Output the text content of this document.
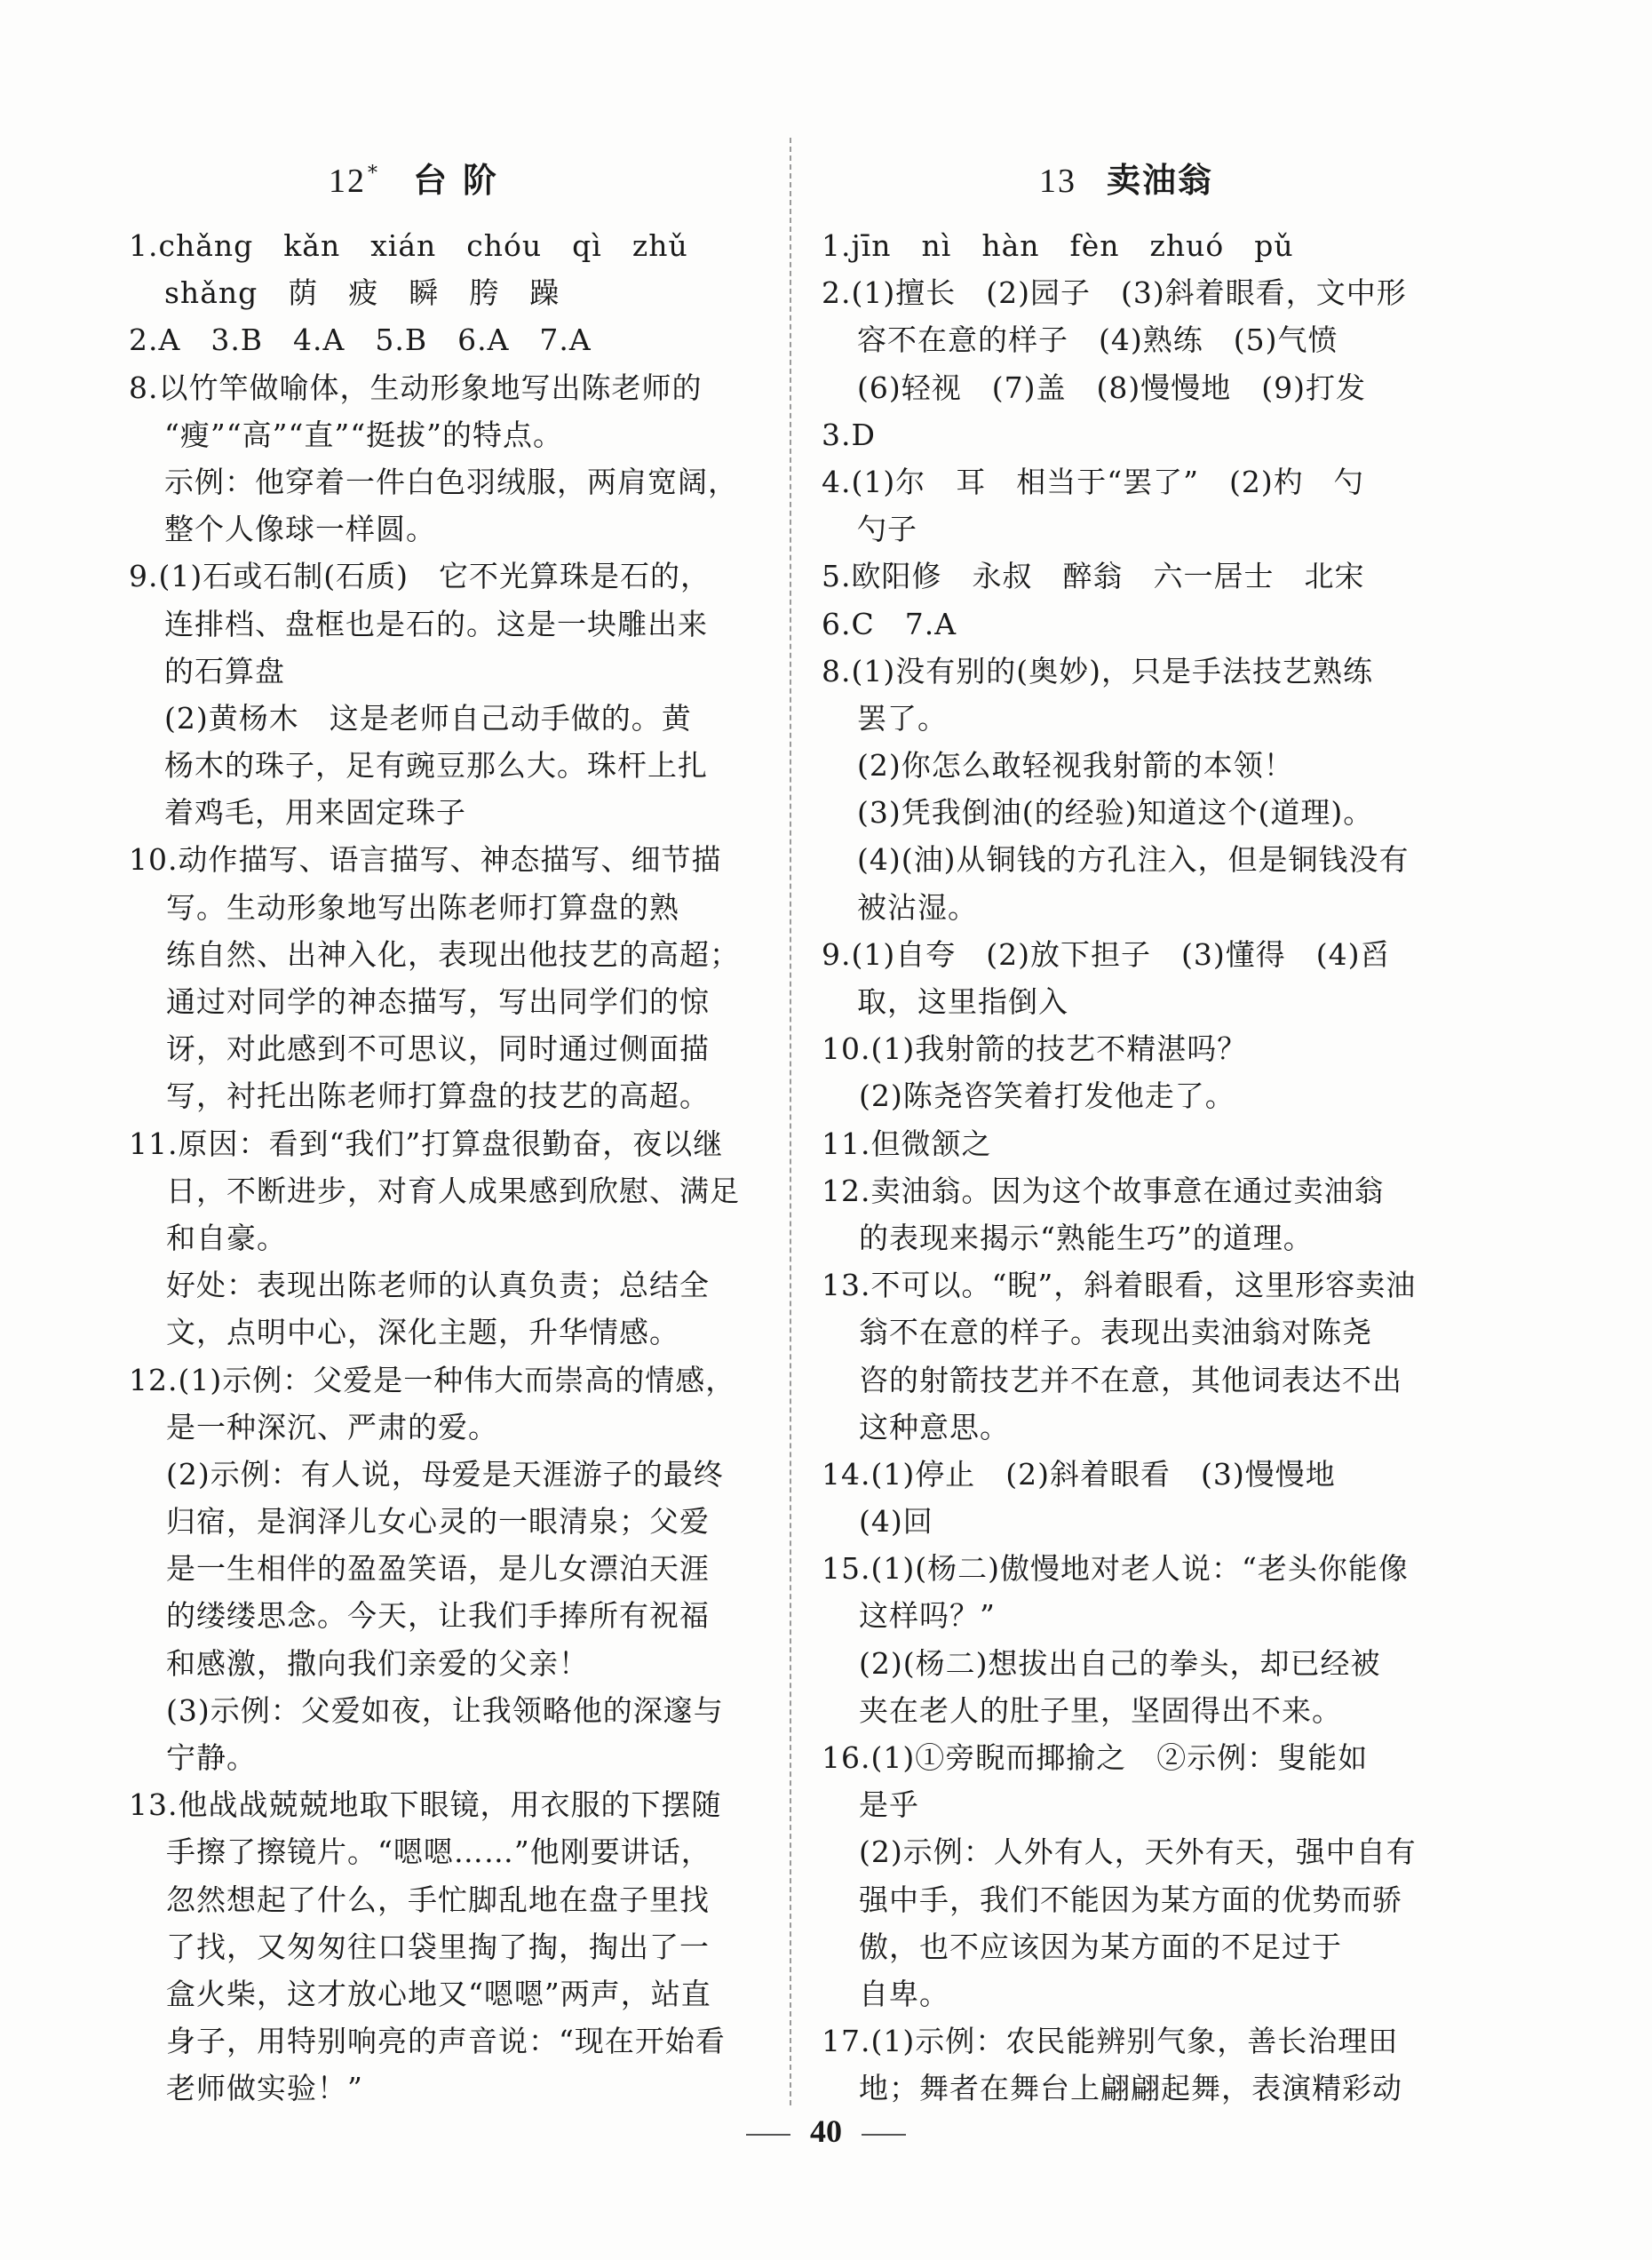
12* 台阶	13 卖油翁
1.chǎng　kǎn　xián　chóu　qì　zhǔ
shǎng　荫　疲　瞬　胯　躁
2.A　3.B　4.A　5.B　6.A　7.A
8.以竹竿做喻体，生动形象地写出陈老师的
“瘦”“高”“直”“挺拔”的特点。
示例：他穿着一件白色羽绒服，两肩宽阔，
整个人像球一样圆。
9.(1)石或石制(石质)　它不光算珠是石的，
连排档、盘框也是石的。这是一块雕出来
的石算盘
(2)黄杨木　这是老师自己动手做的。黄
杨木的珠子，足有豌豆那么大。珠杆上扎
着鸡毛，用来固定珠子
10.动作描写、语言描写、神态描写、细节描
写。生动形象地写出陈老师打算盘的熟
练自然、出神入化，表现出他技艺的高超；
通过对同学的神态描写，写出同学们的惊
讶，对此感到不可思议，同时通过侧面描
写，衬托出陈老师打算盘的技艺的高超。
11.原因：看到“我们”打算盘很勤奋，夜以继
日，不断进步，对育人成果感到欣慰、满足
和自豪。
好处：表现出陈老师的认真负责；总结全
文，点明中心，深化主题，升华情感。
12.(1)示例：父爱是一种伟大而崇高的情感，
是一种深沉、严肃的爱。
(2)示例：有人说，母爱是天涯游子的最终
归宿，是润泽儿女心灵的一眼清泉；父爱
是一生相伴的盈盈笑语，是儿女漂泊天涯
的缕缕思念。今天，让我们手捧所有祝福
和感激，撒向我们亲爱的父亲！
(3)示例：父爱如夜，让我领略他的深邃与
宁静。
13.他战战兢兢地取下眼镜，用衣服的下摆随
手擦了擦镜片。“嗯嗯……”他刚要讲话，
忽然想起了什么，手忙脚乱地在盘子里找
了找，又匆匆往口袋里掏了掏，掏出了一
盒火柴，这才放心地又“嗯嗯”两声，站直
身子，用特别响亮的声音说：“现在开始看
老师做实验！”
1.jīn　nì　hàn　fèn　zhuó　pǔ
2.(1)擅长　(2)园子　(3)斜着眼看，文中形
容不在意的样子　(4)熟练　(5)气愤
(6)轻视　(7)盖　(8)慢慢地　(9)打发
3.D
4.(1)尔　耳　相当于“罢了”　(2)杓　勺
勺子
5.欧阳修　永叔　醉翁　六一居士　北宋
6.C　7.A
8.(1)没有别的(奥妙)，只是手法技艺熟练
罢了。
(2)你怎么敢轻视我射箭的本领！
(3)凭我倒油(的经验)知道这个(道理)。
(4)(油)从铜钱的方孔注入，但是铜钱没有
被沾湿。
9.(1)自夸　(2)放下担子　(3)懂得　(4)舀
取，这里指倒入
10.(1)我射箭的技艺不精湛吗？
(2)陈尧咨笑着打发他走了。
11.但微颔之
12.卖油翁。因为这个故事意在通过卖油翁
的表现来揭示“熟能生巧”的道理。
13.不可以。“睨”，斜着眼看，这里形容卖油
翁不在意的样子。表现出卖油翁对陈尧
咨的射箭技艺并不在意，其他词表达不出
这种意思。
14.(1)停止　(2)斜着眼看　(3)慢慢地
(4)回
15.(1)(杨二)傲慢地对老人说：“老头你能像
这样吗？”
(2)(杨二)想拔出自己的拳头，却已经被
夹在老人的肚子里，坚固得出不来。
16.(1)①旁睨而揶揄之　②示例：叟能如
是乎
(2)示例：人外有人，天外有天，强中自有
强中手，我们不能因为某方面的优势而骄
傲，也不应该因为某方面的不足过于
自卑。
17.(1)示例：农民能辨别气象，善长治理田
地；舞者在舞台上翩翩起舞，表演精彩动
40
